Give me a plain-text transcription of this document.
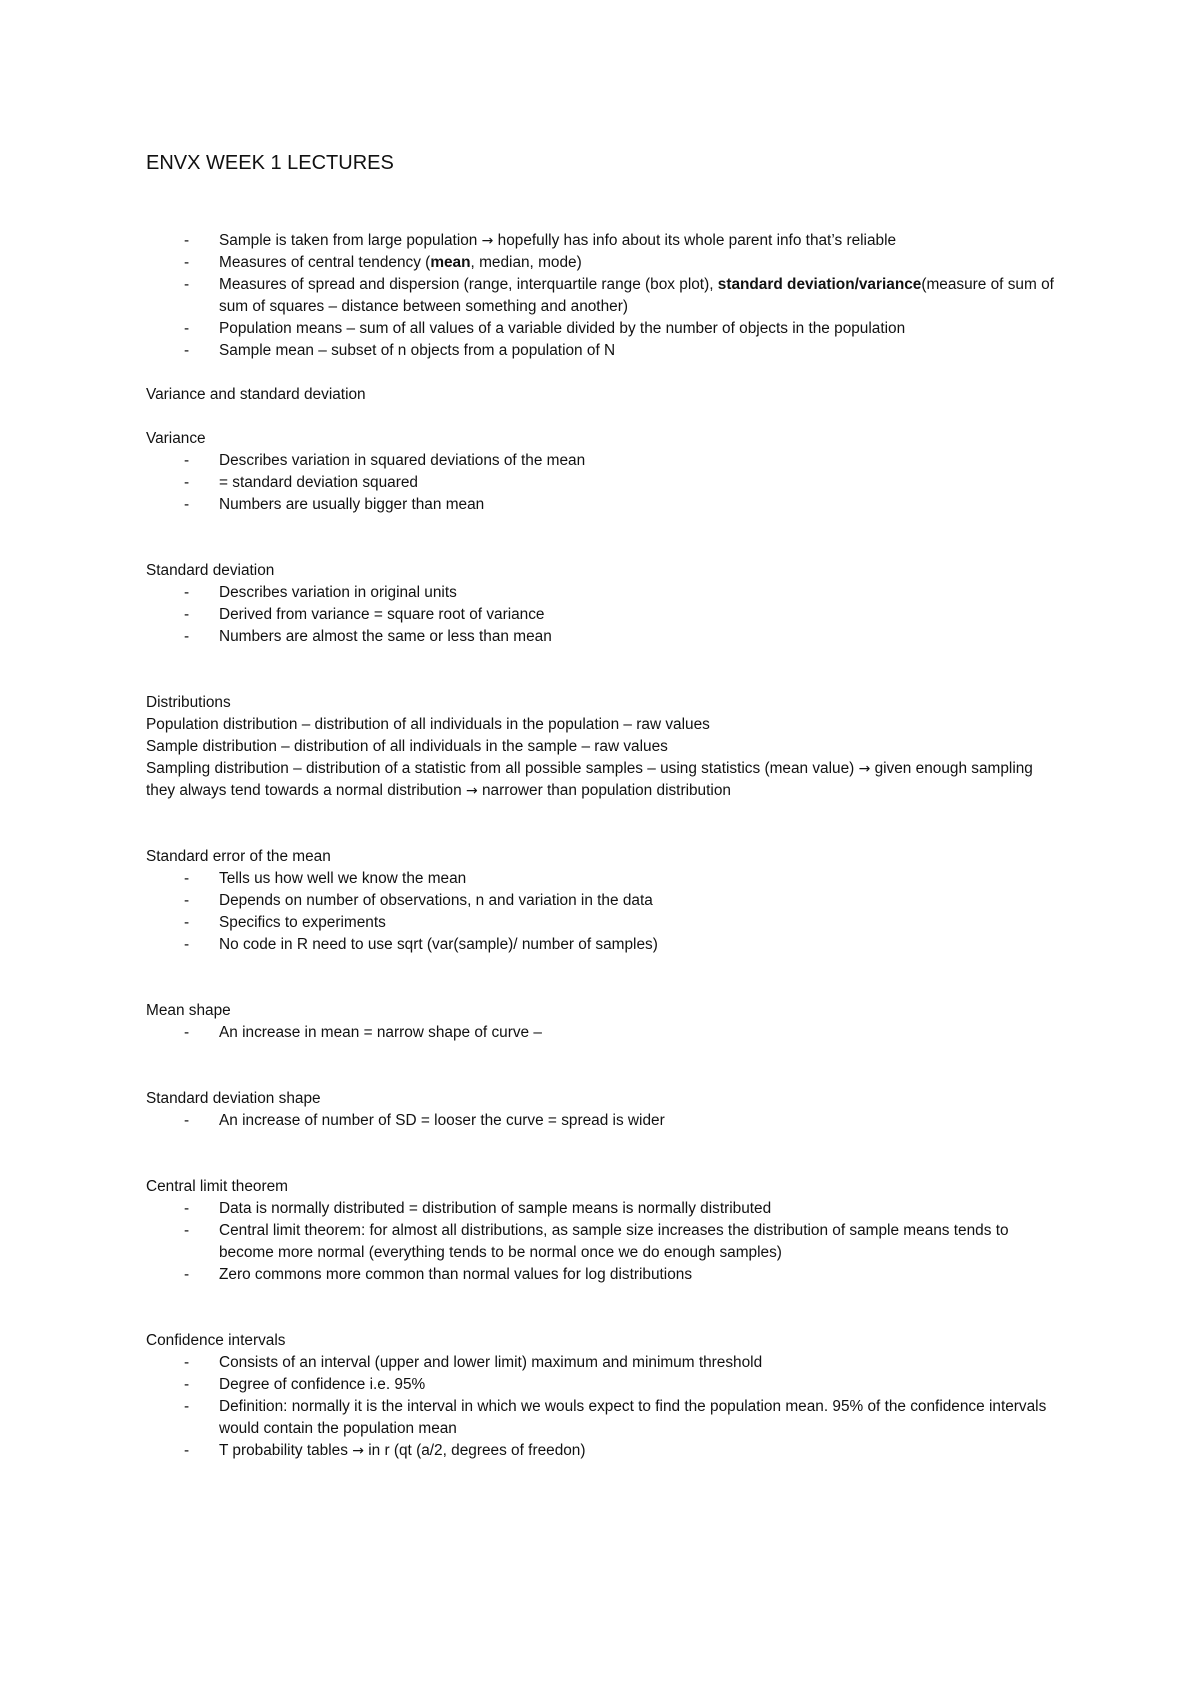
ENVX WEEK 1 LECTURES
- Sample is taken from large population → hopefully has info about its whole parent info that’s reliable
- Measures of central tendency (mean, median, mode)
- Measures of spread and dispersion (range, interquartile range (box plot), standard deviation/variance(measure of sum of sum of squares – distance between something and another)
- Population means – sum of all values of a variable divided by the number of objects in the population
- Sample mean – subset of n objects from a population of N
Variance and standard deviation
Variance
- Describes variation in squared deviations of the mean
- = standard deviation squared
- Numbers are usually bigger than mean
Standard deviation
- Describes variation in original units
- Derived from variance = square root of variance
- Numbers are almost the same or less than mean
Distributions

Population distribution – distribution of all individuals in the population – raw values

Sample distribution – distribution of all individuals in the sample – raw values

Sampling distribution – distribution of a statistic from all possible samples – using statistics (mean value) → given enough sampling they always tend towards a normal distribution → narrower than population distribution

Standard error of the mean
- Tells us how well we know the mean
- Depends on number of observations, n and variation in the data
- Specifics to experiments
- No code in R need to use sqrt (var(sample)/ number of samples)
Mean shape
- An increase in mean = narrow shape of curve –
Standard deviation shape
- An increase of number of SD = looser the curve = spread is wider
Central limit theorem
- Data is normally distributed = distribution of sample means is normally distributed
- Central limit theorem: for almost all distributions, as sample size increases the distribution of sample means tends to become more normal (everything tends to be normal once we do enough samples)
- Zero commons more common than normal values for log distributions
Confidence intervals
- Consists of an interval (upper and lower limit) maximum and minimum threshold
- Degree of confidence i.e. 95%
- Definition: normally it is the interval in which we wouls expect to find the population mean. 95% of the confidence intervals would contain the population mean
- T probability tables → in r (qt (a/2, degrees of freedon)
